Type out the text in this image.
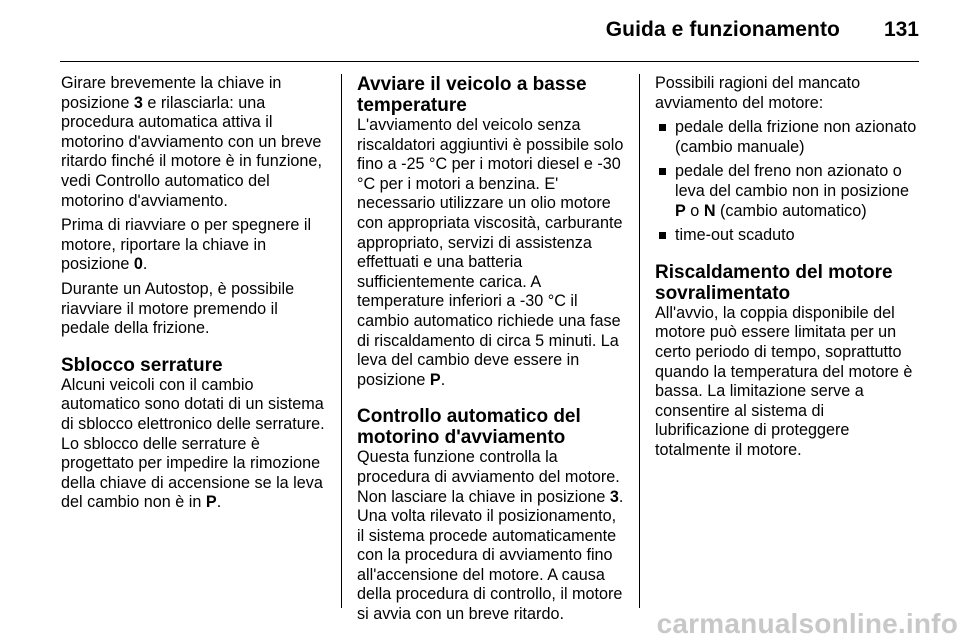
Guida e funzionamento 131

Girare brevemente la chiave in posizione 3 e rilasciarla: una procedura automatica attiva il motorino d'avviamento con un breve ritardo finché il motore è in funzione, vedi Controllo automatico del motorino d'avviamento.

Prima di riavviare o per spegnere il motore, riportare la chiave in posizione 0.

Durante un Autostop, è possibile riavviare il motore premendo il pedale della frizione.

Sblocco serrature

Alcuni veicoli con il cambio automatico sono dotati di un sistema di sblocco elettronico delle serrature. Lo sblocco delle serrature è progettato per impedire la rimozione della chiave di accensione se la leva del cambio non è in P.

Avviare il veicolo a basse temperature

L'avviamento del veicolo senza riscaldatori aggiuntivi è possibile solo fino a -25 °C per i motori diesel e -30 °C per i motori a benzina. E' necessario utilizzare un olio motore con appropriata viscosità, carburante appropriato, servizi di assistenza effettuati e una batteria sufficientemente carica. A temperature inferiori a -30 °C il cambio automatico richiede una fase di riscaldamento di circa 5 minuti. La leva del cambio deve essere in posizione P.

Controllo automatico del motorino d'avviamento

Questa funzione controlla la procedura di avviamento del motore. Non lasciare la chiave in posizione 3. Una volta rilevato il posizionamento, il sistema procede automaticamente con la procedura di avviamento fino all'accensione del motore. A causa della procedura di controllo, il motore si avvia con un breve ritardo.

Possibili ragioni del mancato avviamento del motore:

pedale della frizione non azionato (cambio manuale)
pedale del freno non azionato o leva del cambio non in posizione P o N (cambio automatico)
time-out scaduto
Riscaldamento del motore sovralimentato

All'avvio, la coppia disponibile del motore può essere limitata per un certo periodo di tempo, soprattutto quando la temperatura del motore è bassa. La limitazione serve a consentire al sistema di lubrificazione di proteggere totalmente il motore.

carmanualsonline.info
